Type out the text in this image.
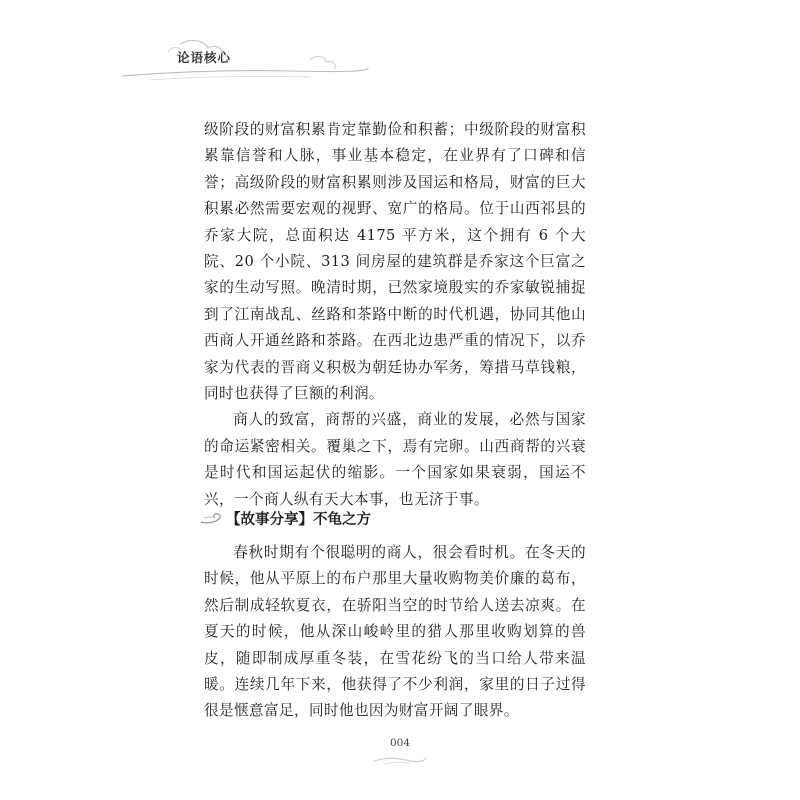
论语核心

级阶段的财富积累肯定靠勤俭和积蓄；中级阶段的财富积累靠信誉和人脉，事业基本稳定，在业界有了口碑和信誉；高级阶段的财富积累则涉及国运和格局，财富的巨大积累必然需要宏观的视野、宽广的格局。位于山西祁县的乔家大院，总面积达 4175 平方米，这个拥有 6 个大院、20 个小院、313 间房屋的建筑群是乔家这个巨富之家的生动写照。晚清时期，已然家境殷实的乔家敏锐捕捉到了江南战乱、丝路和茶路中断的时代机遇，协同其他山西商人开通丝路和茶路。在西北边患严重的情况下，以乔家为代表的晋商义积极为朝廷协办军务，筹措马草钱粮，同时也获得了巨额的利润。

商人的致富，商帮的兴盛，商业的发展，必然与国家的命运紧密相关。覆巢之下，焉有完卵。山西商帮的兴衰是时代和国运起伏的缩影。一个国家如果衰弱，国运不兴，一个商人纵有天大本事，也无济于事。

【故事分享】不龟之方

春秋时期有个很聪明的商人，很会看时机。在冬天的时候，他从平原上的布户那里大量收购物美价廉的葛布，然后制成轻软夏衣，在骄阳当空的时节给人送去凉爽。在夏天的时候，他从深山峻岭里的猎人那里收购划算的兽皮，随即制成厚重冬装，在雪花纷飞的当口给人带来温暖。连续几年下来，他获得了不少利润，家里的日子过得很是惬意富足，同时他也因为财富开阔了眼界。

004
